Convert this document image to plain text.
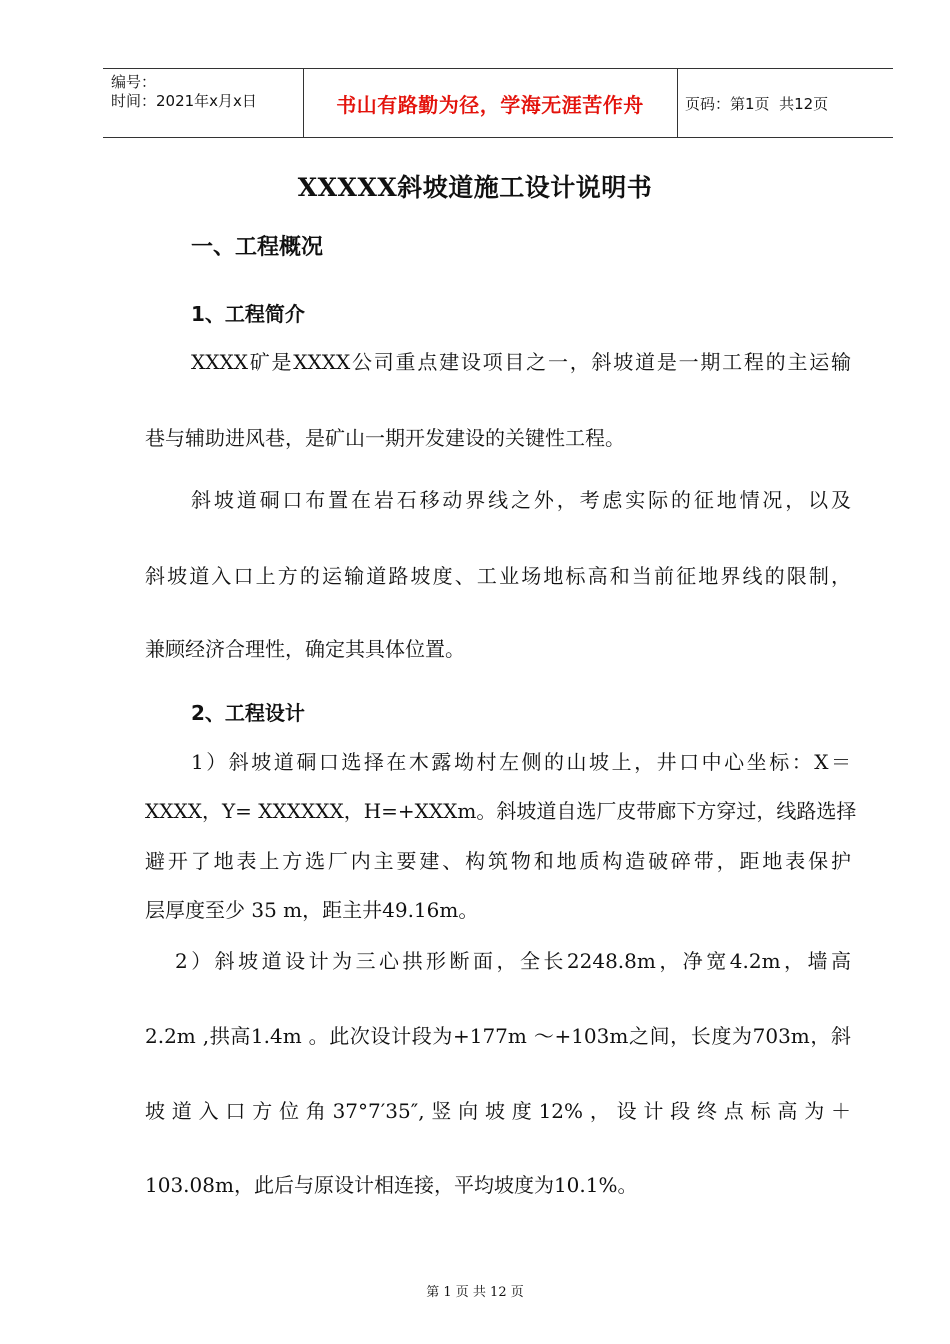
编号：
时间：2021年x月x日	书山有路勤为径，学海无涯苦作舟	页码：第1页  共12页
XXXXX斜坡道施工设计说明书
一、工程概况
1、工程简介
XXXX矿是XXXX公司重点建设项目之一，斜坡道是一期工程的主运输
巷与辅助进风巷，是矿山一期开发建设的关键性工程。
斜坡道硐口布置在岩石移动界线之外，考虑实际的征地情况，以及
斜坡道入口上方的运输道路坡度、工业场地标高和当前征地界线的限制，
兼顾经济合理性，确定其具体位置。
2、工程设计
1）斜坡道硐口选择在木露坳村左侧的山坡上，井口中心坐标：X＝
XXXX，Y= XXXXXX，H=+XXXm。斜坡道自选厂皮带廊下方穿过，线路选择
避开了地表上方选厂内主要建、构筑物和地质构造破碎带，距地表保护
层厚度至少 35 m，距主井49.16m。
2）斜坡道设计为三心拱形断面，全长2248.8m，净宽4.2m，墙高
2.2m ,拱高1.4m 。此次设计段为+177m ～+103m之间，长度为703m，斜
坡道入口方位角37°7′35″,竖向坡度12%，设计段终点标高为＋
103.08m，此后与原设计相连接，平均坡度为10.1%。
第 1 页 共 12 页
